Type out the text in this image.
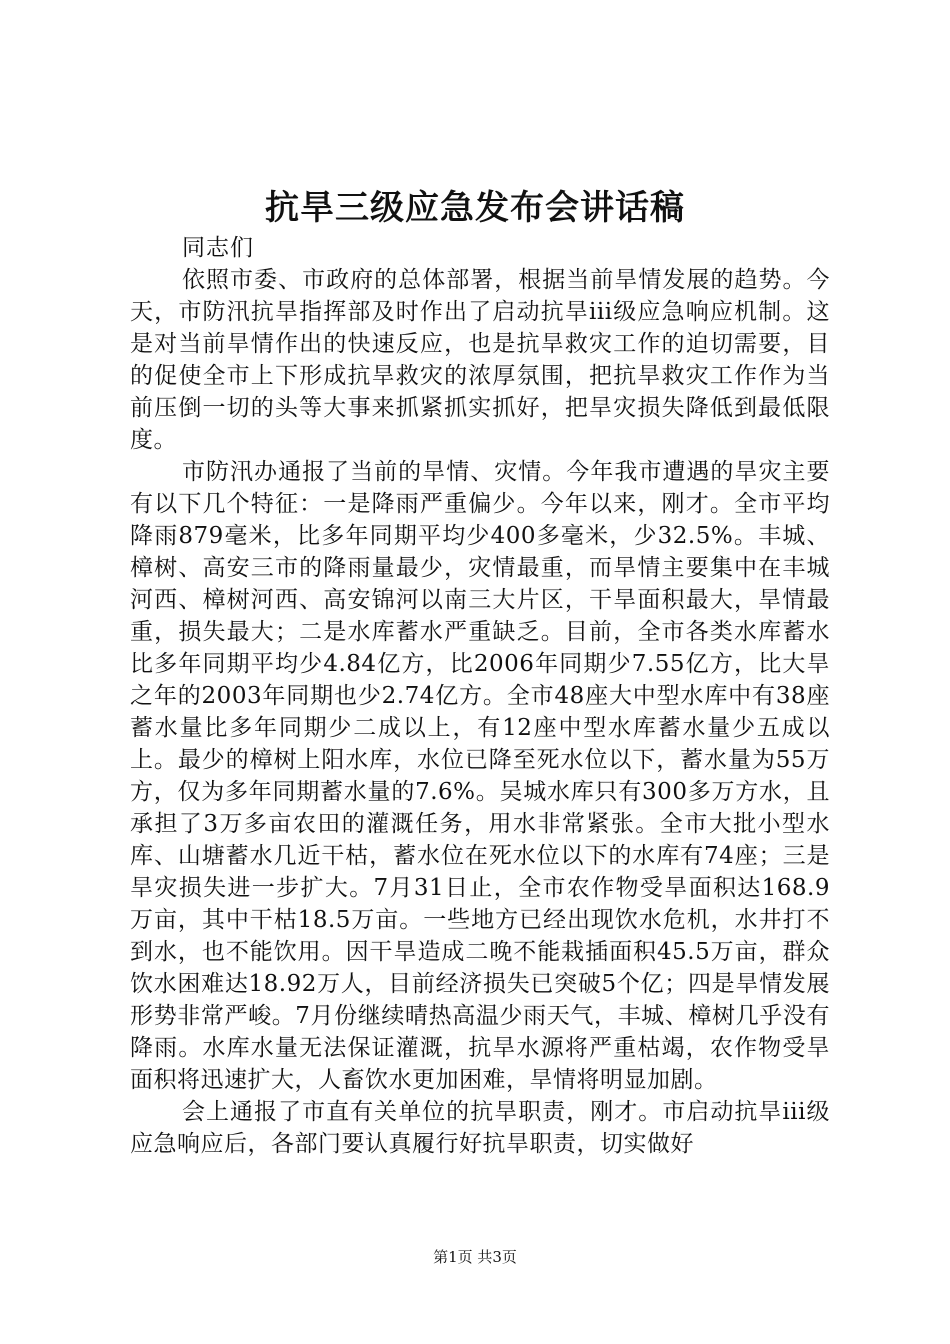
抗旱三级应急发布会讲话稿

同志们

依照市委、市政府的总体部署，根据当前旱情发展的趋势。今天，市防汛抗旱指挥部及时作出了启动抗旱iii级应急响应机制。这是对当前旱情作出的快速反应，也是抗旱救灾工作的迫切需要，目的促使全市上下形成抗旱救灾的浓厚氛围，把抗旱救灾工作作为当前压倒一切的头等大事来抓紧抓实抓好，把旱灾损失降低到最低限度。

市防汛办通报了当前的旱情、灾情。今年我市遭遇的旱灾主要有以下几个特征：一是降雨严重偏少。今年以来，刚才。全市平均降雨879毫米，比多年同期平均少400多毫米，少32.5%。丰城、樟树、高安三市的降雨量最少，灾情最重，而旱情主要集中在丰城河西、樟树河西、高安锦河以南三大片区，干旱面积最大，旱情最重，损失最大；二是水库蓄水严重缺乏。目前，全市各类水库蓄水比多年同期平均少4.84亿方，比2006年同期少7.55亿方，比大旱之年的2003年同期也少2.74亿方。全市48座大中型水库中有38座蓄水量比多年同期少二成以上，有12座中型水库蓄水量少五成以上。最少的樟树上阳水库，水位已降至死水位以下，蓄水量为55万方，仅为多年同期蓄水量的7.6%。吴城水库只有300多万方水，且承担了3万多亩农田的灌溉任务，用水非常紧张。全市大批小型水库、山塘蓄水几近干枯，蓄水位在死水位以下的水库有74座；三是旱灾损失进一步扩大。7月31日止，全市农作物受旱面积达168.9万亩，其中干枯18.5万亩。一些地方已经出现饮水危机，水井打不到水，也不能饮用。因干旱造成二晚不能栽插面积45.5万亩，群众饮水困难达18.92万人，目前经济损失已突破5个亿；四是旱情发展形势非常严峻。7月份继续晴热高温少雨天气，丰城、樟树几乎没有降雨。水库水量无法保证灌溉，抗旱水源将严重枯竭，农作物受旱面积将迅速扩大，人畜饮水更加困难，旱情将明显加剧。

会上通报了市直有关单位的抗旱职责，刚才。市启动抗旱iii级应急响应后，各部门要认真履行好抗旱职责，切实做好

第1页 共3页
